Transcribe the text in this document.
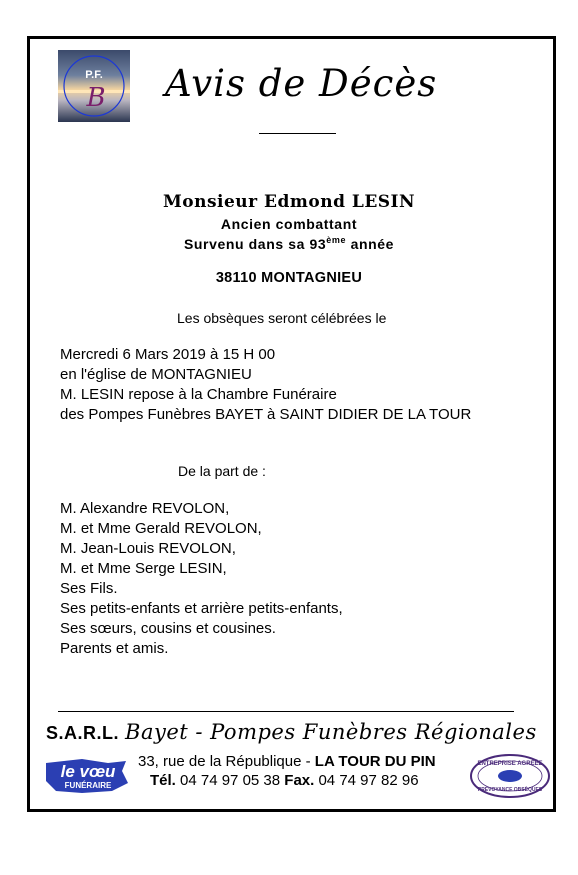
P.F.
B Avis de Décès
Monsieur Edmond LESIN
Ancien combattant
Survenu dans sa 93ème année
38110 MONTAGNIEU
Les obsèques seront célébrées le
Mercredi 6 Mars 2019 à 15 H 00
en l'église de MONTAGNIEU
M. LESIN repose à la Chambre Funéraire
des Pompes Funèbres BAYET à SAINT DIDIER DE LA TOUR
De la part de :
M. Alexandre REVOLON,
M. et Mme Gerald REVOLON,
M. Jean-Louis REVOLON,
M. et Mme Serge LESIN,
Ses Fils.
Ses petits-enfants et arrière petits-enfants,
Ses sœurs, cousins et cousines.
Parents et amis.
S.A.R.L. Bayet - Pompes Funèbres Régionales
le vœu
FUNÉRAIRE
33, rue de la République - LA TOUR DU PIN
Tél. 04 74 97 05 38 Fax. 04 74 97 82 96
ENTREPRISE AGRÉÉE
PRÉVOYANCE OBSÈQUES
